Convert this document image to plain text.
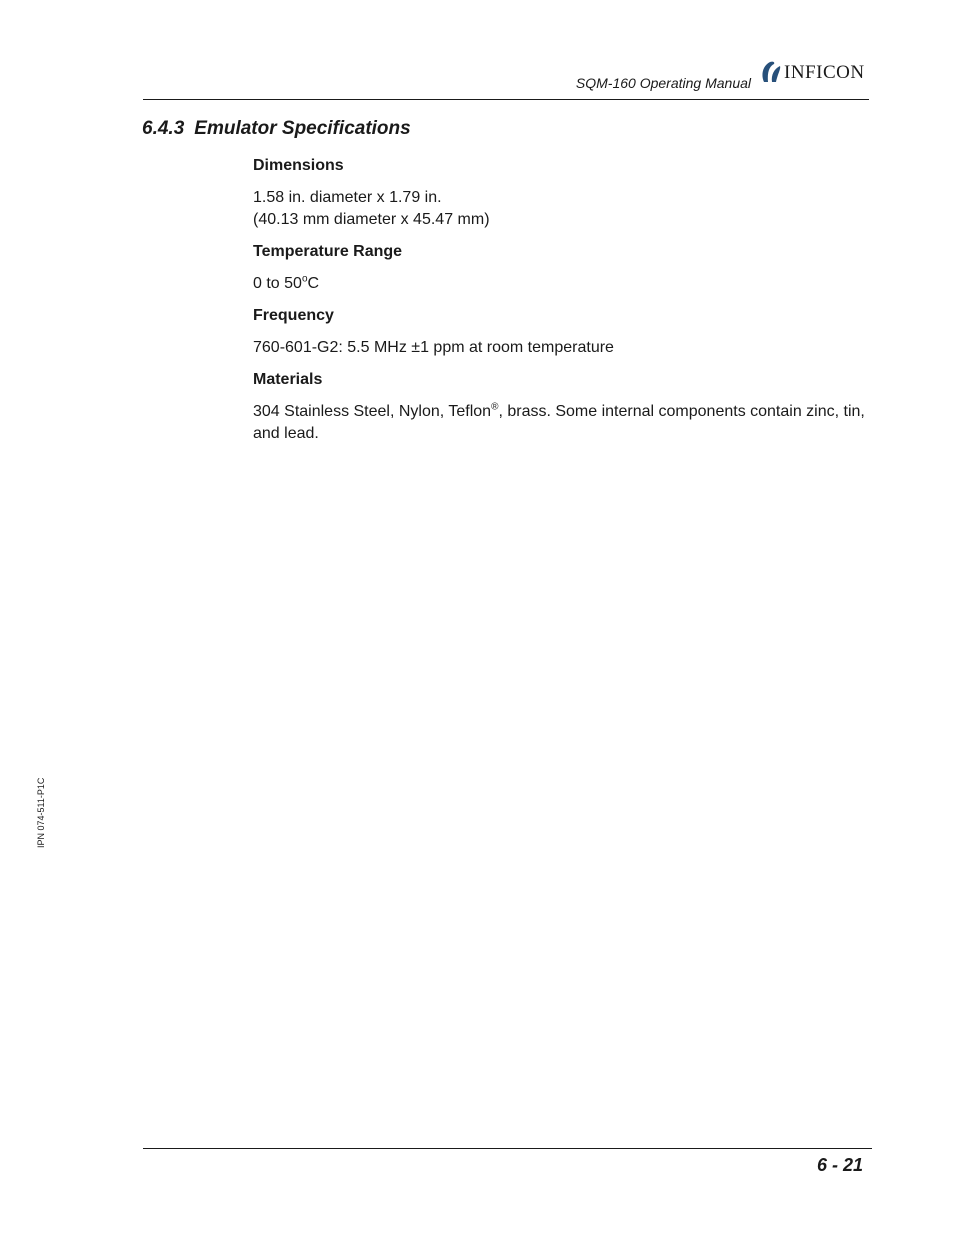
SQM-160 Operating Manual
INFICON
6.4.3 Emulator Specifications

Dimensions

1.58 in. diameter x 1.79 in.

(40.13 mm diameter x 45.47 mm)

Temperature Range

0 to 50$^o$C

Frequency

760-601-G2: 5.5 MHz ±1 ppm at room temperature

Materials

304 Stainless Steel, Nylon, Teflon®, brass. Some internal components contain zinc, tin, and lead.

IPN 074-511-P1C
6 - 21
